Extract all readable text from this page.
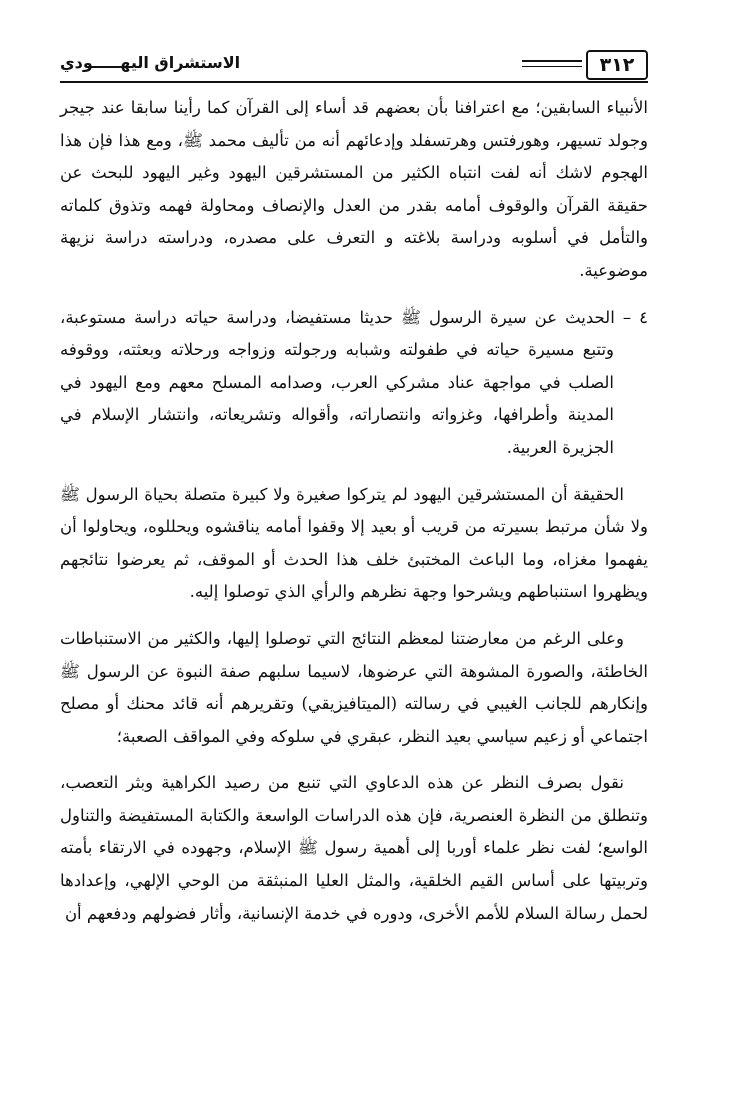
٣١٢
الاستشراق اليهـــــودي

الأنبياء السابقين؛ مع اعترافنا بأن بعضهم قد أساء إلى القرآن كما رأينا سابقا عند جيجر وجولد تسيهر، وهورفتس وهرتسفلد وإدعائهم أنه من تأليف محمد ﷺ، ومع هذا فإن هذا الهجوم لاشك أنه لفت انتباه الكثير من المستشرقين اليهود وغير اليهود للبحث عن حقيقة القرآن والوقوف أمامه بقدر من العدل والإنصاف ومحاولة فهمه وتذوق كلماته والتأمل في أسلوبه ودراسة بلاغته و التعرف على مصدره، ودراسته دراسة نزيهة موضوعية.

٤ – الحديث عن سيرة الرسول ﷺ حديثا مستفيضا، ودراسة حياته دراسة مستوعبة، وتتبع مسيرة حياته في طفولته وشبابه ورجولته وزواجه ورحلاته وبعثته، ووقوفه الصلب في مواجهة عناد مشركي العرب، وصدامه المسلح معهم ومع اليهود في المدينة وأطرافها، وغزواته وانتصاراته، وأقواله وتشريعاته، وانتشار الإسلام في الجزيرة العربية.

الحقيقة أن المستشرقين اليهود لم يتركوا صغيرة ولا كبيرة متصلة بحياة الرسول ﷺ ولا شأن مرتبط بسيرته من قريب أو بعيد إلا وقفوا أمامه يناقشوه ويحللوه، ويحاولوا أن يفهموا مغزاه، وما الباعث المختبئ خلف هذا الحدث أو الموقف، ثم يعرضوا نتائجهم ويظهروا استنباطهم ويشرحوا وجهة نظرهم والرأي الذي توصلوا إليه.

وعلى الرغم من معارضتنا لمعظم النتائج التي توصلوا إليها، والكثير من الاستنباطات الخاطئة، والصورة المشوهة التي عرضوها، لاسيما سلبهم صفة النبوة عن الرسول ﷺ وإنكارهم للجانب الغيبي في رسالته (الميتافيزيقي) وتقريرهم أنه قائد محنك أو مصلح اجتماعي أو زعيم سياسي بعيد النظر، عبقري في سلوكه وفي المواقف الصعبة؛

نقول بصرف النظر عن هذه الدعاوي التي تنبع من رصيد الكراهية وبثر التعصب، وتنطلق من النظرة العنصرية، فإن هذه الدراسات الواسعة والكتابة المستفيضة والتناول الواسع؛ لفت نظر علماء أوربا إلى أهمية رسول ﷺ الإسلام، وجهوده في الارتقاء بأمته وتربيتها على أساس القيم الخلقية، والمثل العليا المنبثقة من الوحي الإلهي، وإعدادها لحمل رسالة السلام للأمم الأخرى، ودوره في خدمة الإنسانية، وأثار فضولهم ودفعهم أن
